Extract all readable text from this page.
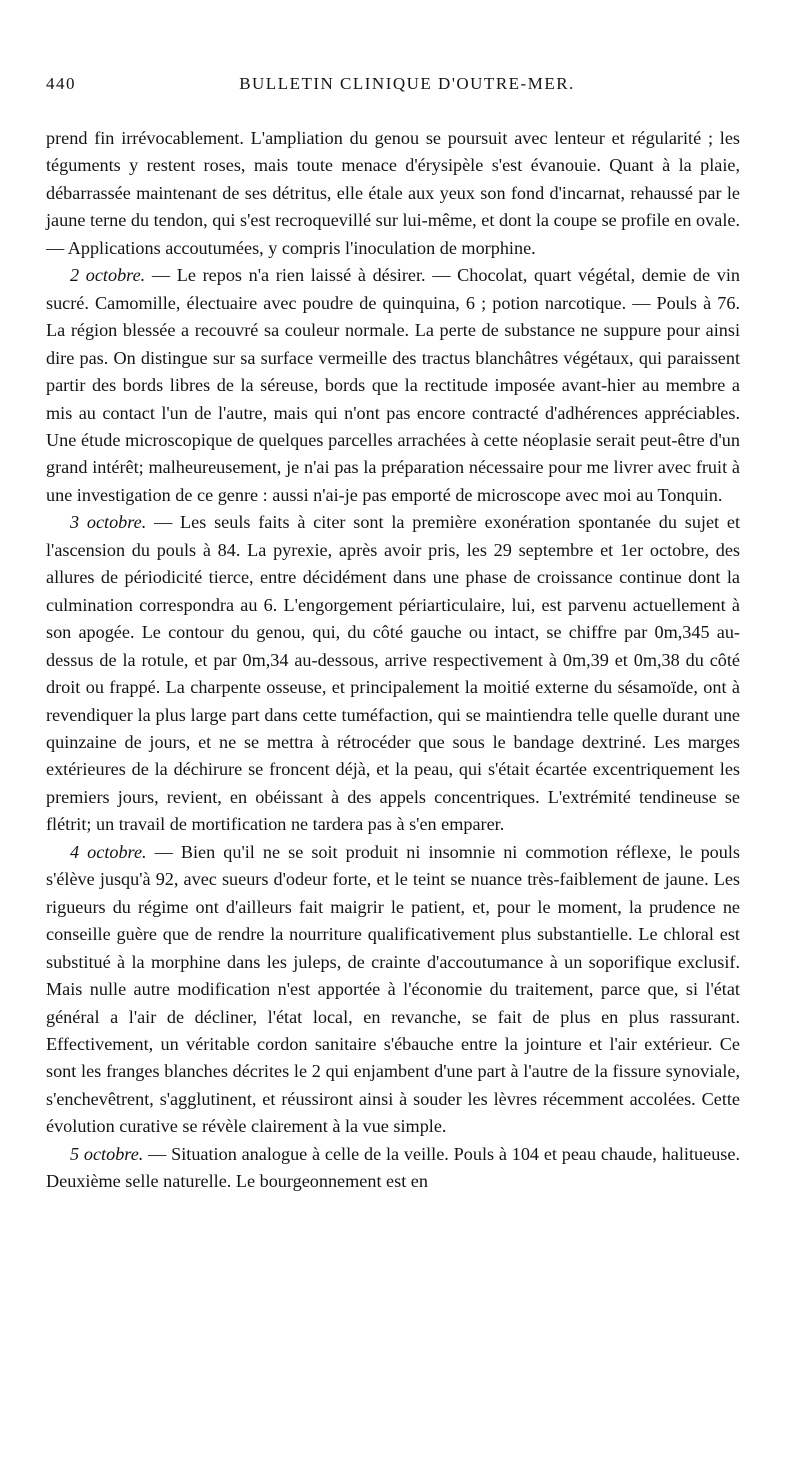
440	BULLETIN CLINIQUE D'OUTRE-MER.

prend fin irrévocablement. L'ampliation du genou se poursuit avec lenteur et régularité ; les téguments y restent roses, mais toute menace d'érysipèle s'est évanouie. Quant à la plaie, débarrassée maintenant de ses détritus, elle étale aux yeux son fond d'incarnat, rehaussé par le jaune terne du tendon, qui s'est recroquevillé sur lui-même, et dont la coupe se profile en ovale. — Applications accoutumées, y compris l'inoculation de morphine.

2 octobre. — Le repos n'a rien laissé à désirer. — Chocolat, quart végétal, demie de vin sucré. Camomille, électuaire avec poudre de quinquina, 6 ; potion narcotique. — Pouls à 76. La région blessée a recouvré sa couleur normale. La perte de substance ne suppure pour ainsi dire pas. On distingue sur sa surface vermeille des tractus blanchâtres végétaux, qui paraissent partir des bords libres de la séreuse, bords que la rectitude imposée avant-hier au membre a mis au contact l'un de l'autre, mais qui n'ont pas encore contracté d'adhérences appréciables. Une étude microscopique de quelques parcelles arrachées à cette néoplasie serait peut-être d'un grand intérêt; malheureusement, je n'ai pas la préparation nécessaire pour me livrer avec fruit à une investigation de ce genre : aussi n'ai-je pas emporté de microscope avec moi au Tonquin.

3 octobre. — Les seuls faits à citer sont la première exonération spontanée du sujet et l'ascension du pouls à 84. La pyrexie, après avoir pris, les 29 septembre et 1er octobre, des allures de périodicité tierce, entre décidément dans une phase de croissance continue dont la culmination correspondra au 6. L'engorgement périarticulaire, lui, est parvenu actuellement à son apogée. Le contour du genou, qui, du côté gauche ou intact, se chiffre par 0m,345 au-dessus de la rotule, et par 0m,34 au-dessous, arrive respectivement à 0m,39 et 0m,38 du côté droit ou frappé. La charpente osseuse, et principalement la moitié externe du sésamoïde, ont à revendiquer la plus large part dans cette tuméfaction, qui se maintiendra telle quelle durant une quinzaine de jours, et ne se mettra à rétrocéder que sous le bandage dextriné. Les marges extérieures de la déchirure se froncent déjà, et la peau, qui s'était écartée excentriquement les premiers jours, revient, en obéissant à des appels concentriques. L'extrémité tendineuse se flétrit; un travail de mortification ne tardera pas à s'en emparer.

4 octobre. — Bien qu'il ne se soit produit ni insomnie ni commotion réflexe, le pouls s'élève jusqu'à 92, avec sueurs d'odeur forte, et le teint se nuance très-faiblement de jaune. Les rigueurs du régime ont d'ailleurs fait maigrir le patient, et, pour le moment, la prudence ne conseille guère que de rendre la nourriture qualificativement plus substantielle. Le chloral est substitué à la morphine dans les juleps, de crainte d'accoutumance à un soporifique exclusif. Mais nulle autre modification n'est apportée à l'économie du traitement, parce que, si l'état général a l'air de décliner, l'état local, en revanche, se fait de plus en plus rassurant. Effectivement, un véritable cordon sanitaire s'ébauche entre la jointure et l'air extérieur. Ce sont les franges blanches décrites le 2 qui enjambent d'une part à l'autre de la fissure synoviale, s'enchevêtrent, s'agglutinent, et réussiront ainsi à souder les lèvres récemment accolées. Cette évolution curative se révèle clairement à la vue simple.

5 octobre. — Situation analogue à celle de la veille. Pouls à 104 et peau chaude, halitueuse. Deuxième selle naturelle. Le bourgeonnement est en
